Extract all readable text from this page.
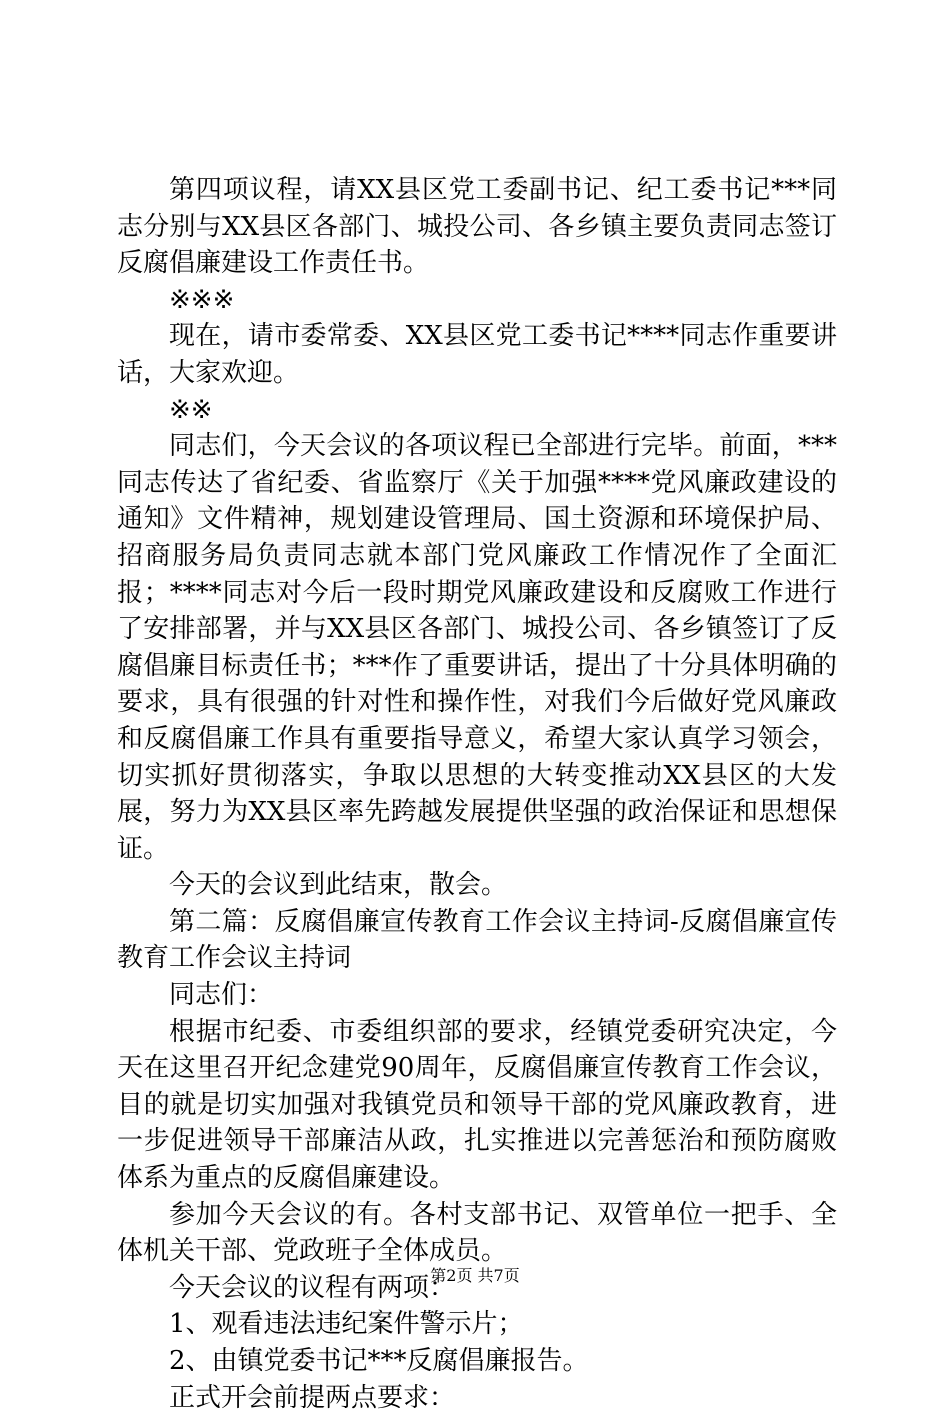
第四项议程，请XX县区党工委副书记、纪工委书记***同志分别与XX县区各部门、城投公司、各乡镇主要负责同志签订反腐倡廉建设工作责任书。

※※※

现在，请市委常委、XX县区党工委书记****同志作重要讲话，大家欢迎。

※※

同志们，今天会议的各项议程已全部进行完毕。前面，***同志传达了省纪委、省监察厅《关于加强****党风廉政建设的通知》文件精神，规划建设管理局、国土资源和环境保护局、招商服务局负责同志就本部门党风廉政工作情况作了全面汇报；****同志对今后一段时期党风廉政建设和反腐败工作进行了安排部署，并与XX县区各部门、城投公司、各乡镇签订了反腐倡廉目标责任书；***作了重要讲话，提出了十分具体明确的要求，具有很强的针对性和操作性，对我们今后做好党风廉政和反腐倡廉工作具有重要指导意义，希望大家认真学习领会，切实抓好贯彻落实，争取以思想的大转变推动XX县区的大发展，努力为XX县区率先跨越发展提供坚强的政治保证和思想保证。

今天的会议到此结束，散会。

第二篇：反腐倡廉宣传教育工作会议主持词-反腐倡廉宣传教育工作会议主持词

同志们：

根据市纪委、市委组织部的要求，经镇党委研究决定，今天在这里召开纪念建党90周年，反腐倡廉宣传教育工作会议，目的就是切实加强对我镇党员和领导干部的党风廉政教育，进一步促进领导干部廉洁从政，扎实推进以完善惩治和预防腐败体系为重点的反腐倡廉建设。

参加今天会议的有。各村支部书记、双管单位一把手、全体机关干部、党政班子全体成员。

今天会议的议程有两项：

1、观看违法违纪案件警示片；

2、由镇党委书记***反腐倡廉报告。

正式开会前提两点要求：

第2页 共7页
